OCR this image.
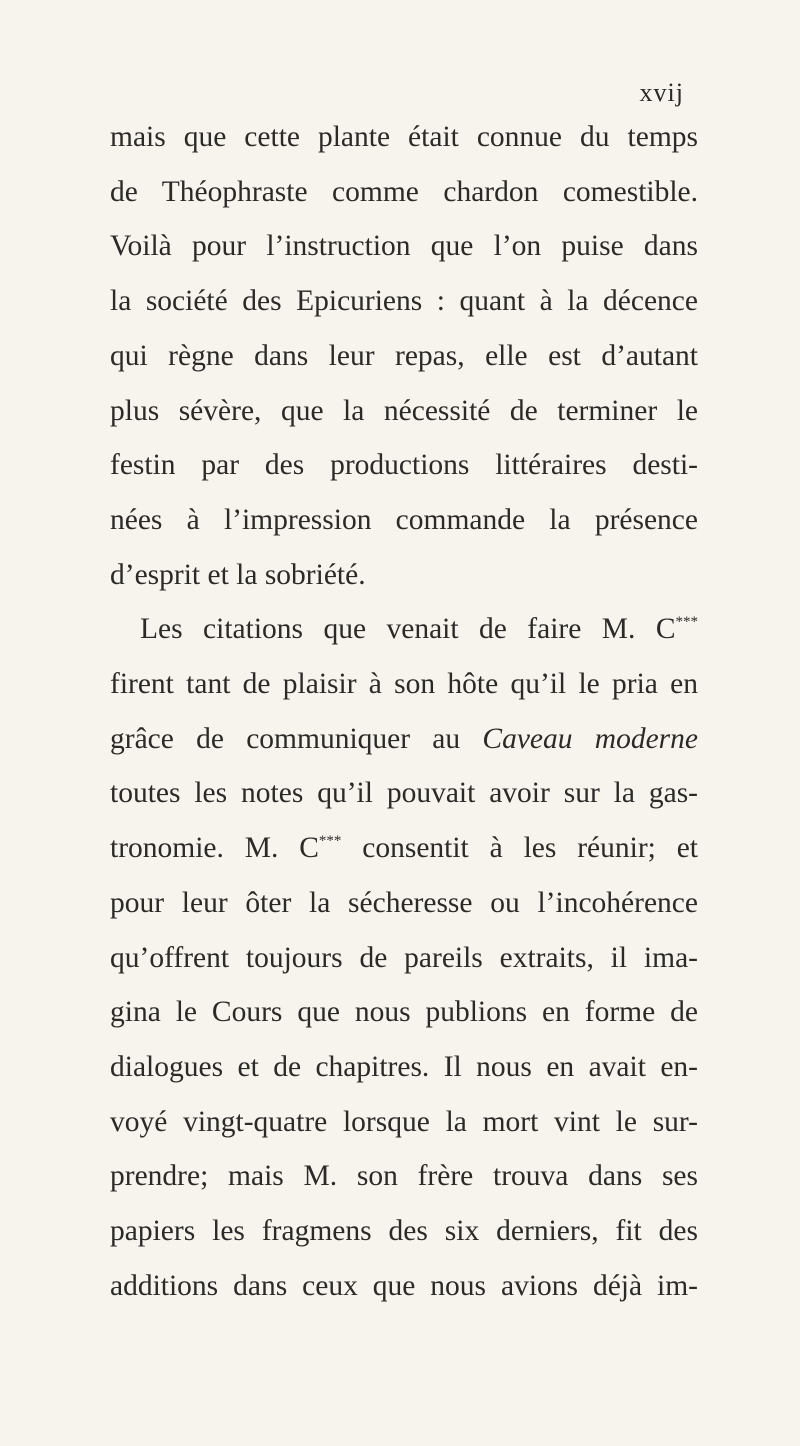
xvij
mais que cette plante était connue du temps
de Théophraste comme chardon comestible.
Voilà pour l’instruction que l’on puise dans
la société des Epicuriens : quant à la décence
qui règne dans leur repas, elle est d’autant
plus sévère, que la nécessité de terminer le
festin par des productions littéraires desti-
nées à l’impression commande la présence
d’esprit et la sobriété.
Les citations que venait de faire M. C***
firent tant de plaisir à son hôte qu’il le pria en
grâce de communiquer au Caveau moderne
toutes les notes qu’il pouvait avoir sur la gas-
tronomie. M. C*** consentit à les réunir; et
pour leur ôter la sécheresse ou l’incohérence
qu’offrent toujours de pareils extraits, il ima-
gina le Cours que nous publions en forme de
dialogues et de chapitres. Il nous en avait en-
voyé vingt-quatre lorsque la mort vint le sur-
prendre; mais M. son frère trouva dans ses
papiers les fragmens des six derniers, fit des
additions dans ceux que nous avions déjà im-
